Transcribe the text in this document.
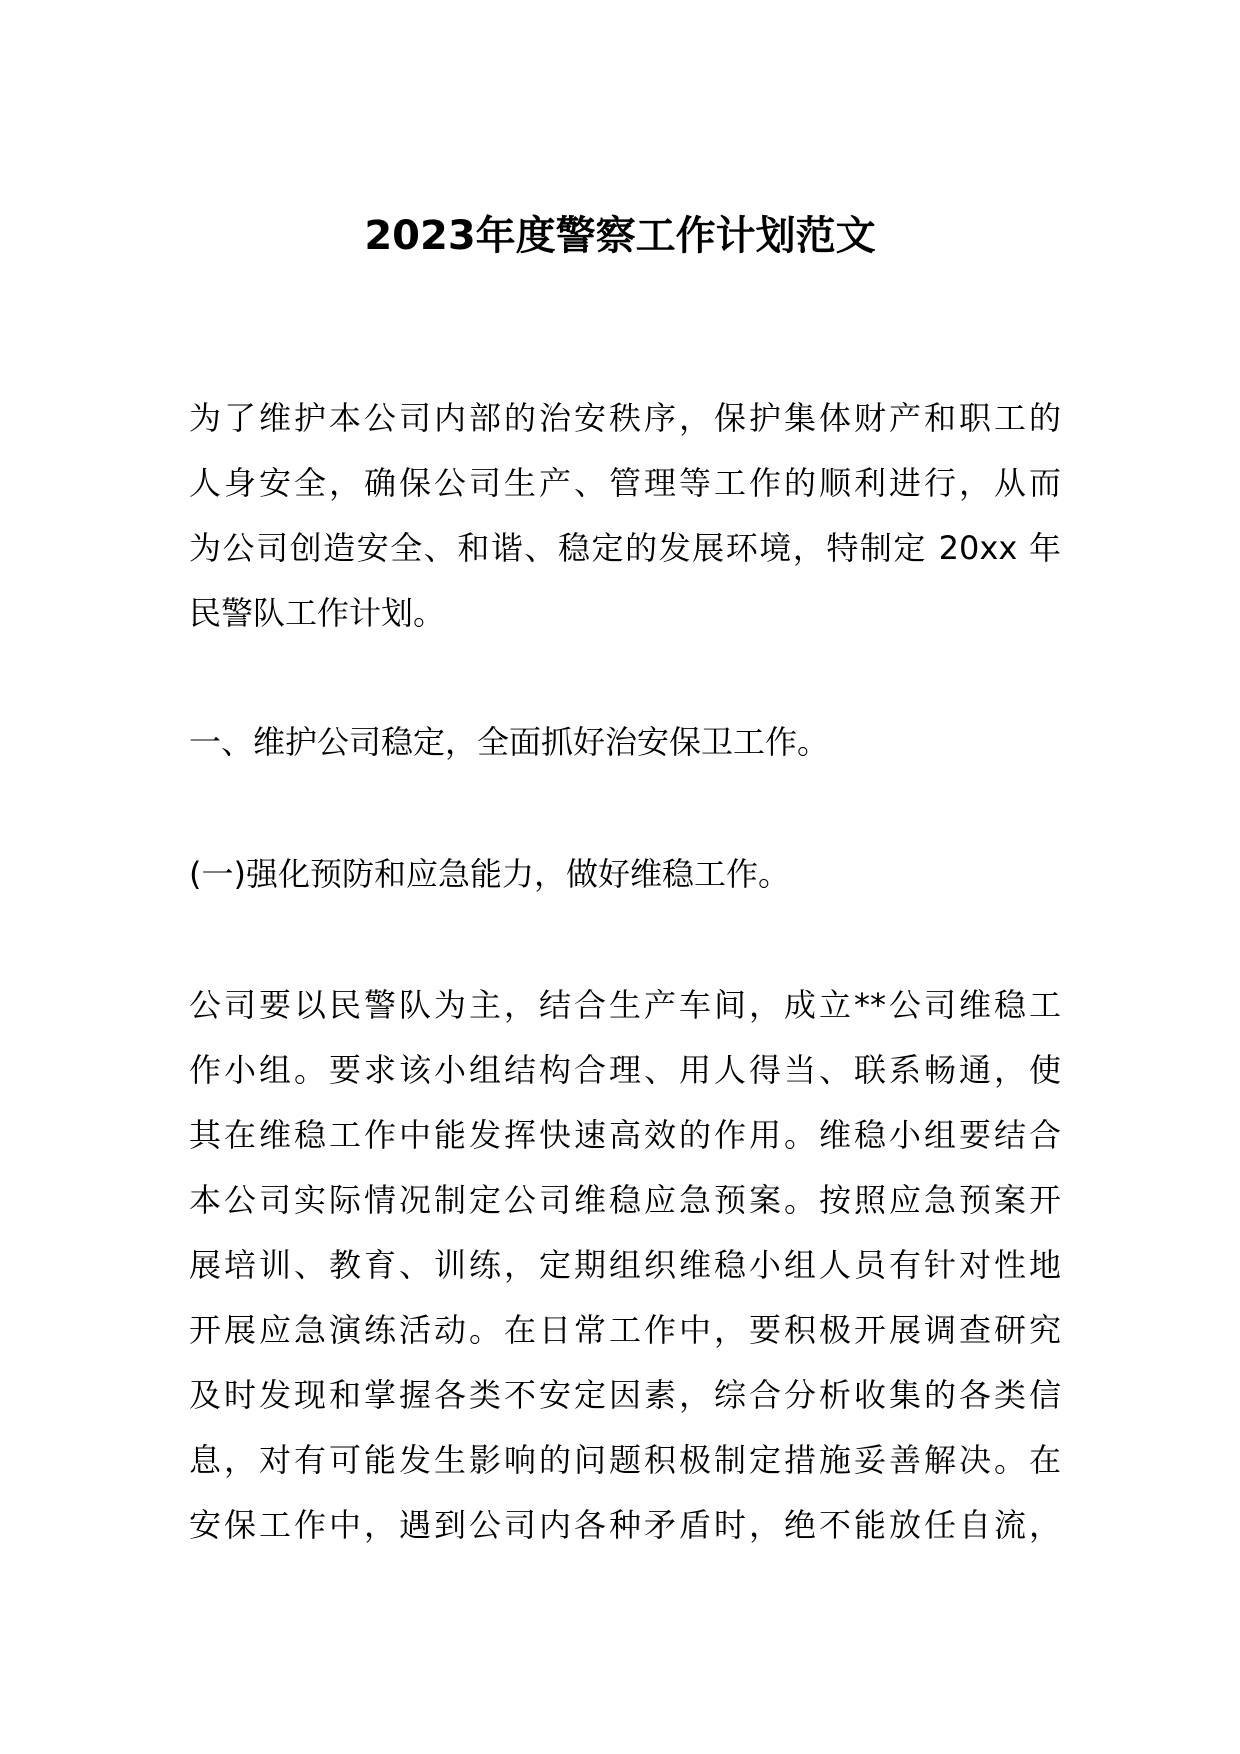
2023年度警察工作计划范文
为了维护本公司内部的治安秩序，保护集体财产和职工的
人身安全，确保公司生产、管理等工作的顺利进行，从而
为公司创造安全、和谐、稳定的发展环境，特制定 20xx 年
民警队工作计划。
一、维护公司稳定，全面抓好治安保卫工作。
(一)强化预防和应急能力，做好维稳工作。
公司要以民警队为主，结合生产车间，成立**公司维稳工
作小组。要求该小组结构合理、用人得当、联系畅通，使
其在维稳工作中能发挥快速高效的作用。维稳小组要结合
本公司实际情况制定公司维稳应急预案。按照应急预案开
展培训、教育、训练，定期组织维稳小组人员有针对性地
开展应急演练活动。在日常工作中，要积极开展调查研究
及时发现和掌握各类不安定因素，综合分析收集的各类信
息，对有可能发生影响的问题积极制定措施妥善解决。在
安保工作中，遇到公司内各种矛盾时，绝不能放任自流，
